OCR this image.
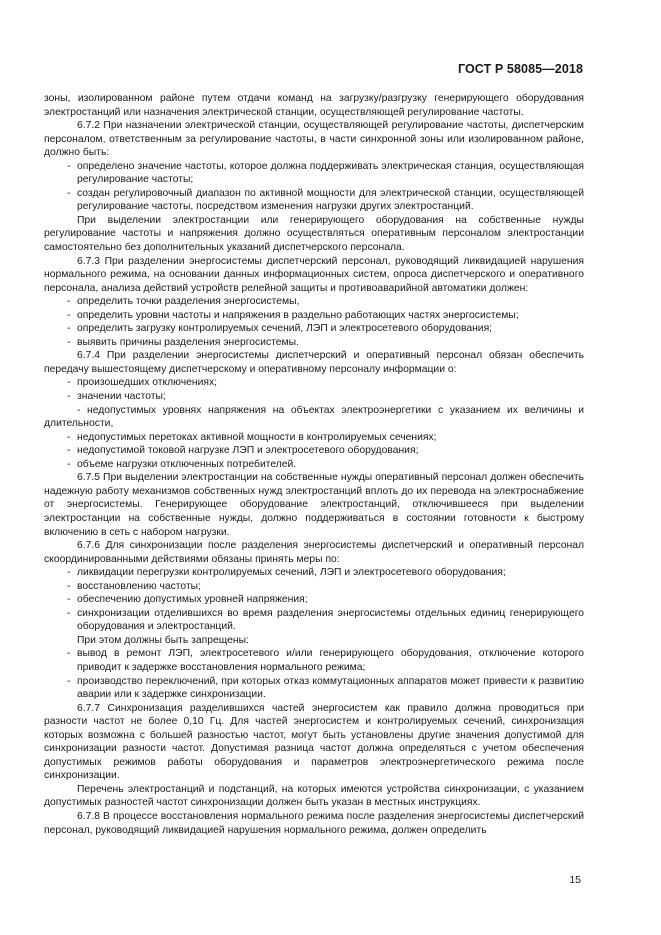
ГОСТ Р 58085—2018

зоны, изолированном районе путем отдачи команд на загрузку/разгрузку генерирующего оборудования электростанций или назначения электрической станции, осуществляющей регулирование частоты.

6.7.2 При назначении электрической станции, осуществляющей регулирование частоты, диспетчерским персоналом, ответственным за регулирование частоты, в части синхронной зоны или изолированном районе, должно быть:

- определено значение частоты, которое должна поддерживать электрическая станция, осуществляющая регулирование частоты;

- создан регулировочный диапазон по активной мощности для электрической станции, осуществляющей регулирование частоты, посредством изменения нагрузки других электростанций.

При выделении электростанции или генерирующего оборудования на собственные нужды регулирование частоты и напряжения должно осуществляться оперативным персоналом электростанции самостоятельно без дополнительных указаний диспетчерского персонала.

6.7.3 При разделении энергосистемы диспетчерский персонал, руководящий ликвидацией нарушения нормального режима, на основании данных информационных систем, опроса диспетчерского и оперативного персонала, анализа действий устройств релейной защиты и противоаварийной автоматики должен:

- определить точки разделения энергосистемы,

- определить уровни частоты и напряжения в раздельно работающих частях энергосистемы;

- определить загрузку контролируемых сечений, ЛЭП и электросетевого оборудования;

- выявить причины разделения энергосистемы.

6.7.4 При разделении энергосистемы диспетчерский и оперативный персонал обязан обеспечить передачу вышестоящему диспетчерскому и оперативному персоналу информации о:

- произошедших отключениях;

- значении частоты;

- недопустимых уровнях напряжения на объектах электроэнергетики с указанием их величины и длительности,

- недопустимых перетоках активной мощности в контролируемых сечениях;

- недопустимой токовой нагрузке ЛЭП и электросетевого оборудования;

- объеме нагрузки отключенных потребителей.

6.7.5 При выделении электростанции на собственные нужды оперативный персонал должен обеспечить надежную работу механизмов собственных нужд электростанций вплоть до их перевода на электроснабжение от энергосистемы. Генерирующее оборудование электростанций, отключившееся при выделении электростанции на собственные нужды, должно поддерживаться в состоянии готовности к быстрому включению в сеть с набором нагрузки.

6.7.6 Для синхронизации после разделения энергосистемы диспетчерский и оперативный персонал скоординированными действиями обязаны принять меры по:

- ликвидации перегрузки контролируемых сечений, ЛЭП и электросетевого оборудования;

- восстановлению частоты;

- обеспечению допустимых уровней напряжения;

- синхронизации отделившихся во время разделения энергосистемы отдельных единиц генерирующего оборудования и электростанций.

При этом должны быть запрещены:

- вывод в ремонт ЛЭП, электросетевого и/или генерирующего оборудования, отключение которого приводит к задержке восстановления нормального режима;

- производство переключений, при которых отказ коммутационных аппаратов может привести к развитию аварии или к задержке синхронизации.

6.7.7 Синхронизация разделившихся частей энергосистем как правило должна проводиться при разности частот не более 0,10 Гц. Для частей энергосистем и контролируемых сечений, синхронизация которых возможна с большей разностью частот, могут быть установлены другие значения допустимой для синхронизации разности частот. Допустимая разница частот должна определяться с учетом обеспечения допустимых режимов работы оборудования и параметров электроэнергетического режима после синхронизации.

Перечень электростанций и подстанций, на которых имеются устройства синхронизации, с указанием допустимых разностей частот синхронизации должен быть указан в местных инструкциях.

6.7.8 В процессе восстановления нормального режима после разделения энергосистемы диспетчерский персонал, руководящий ликвидацией нарушения нормального режима, должен определить

15
